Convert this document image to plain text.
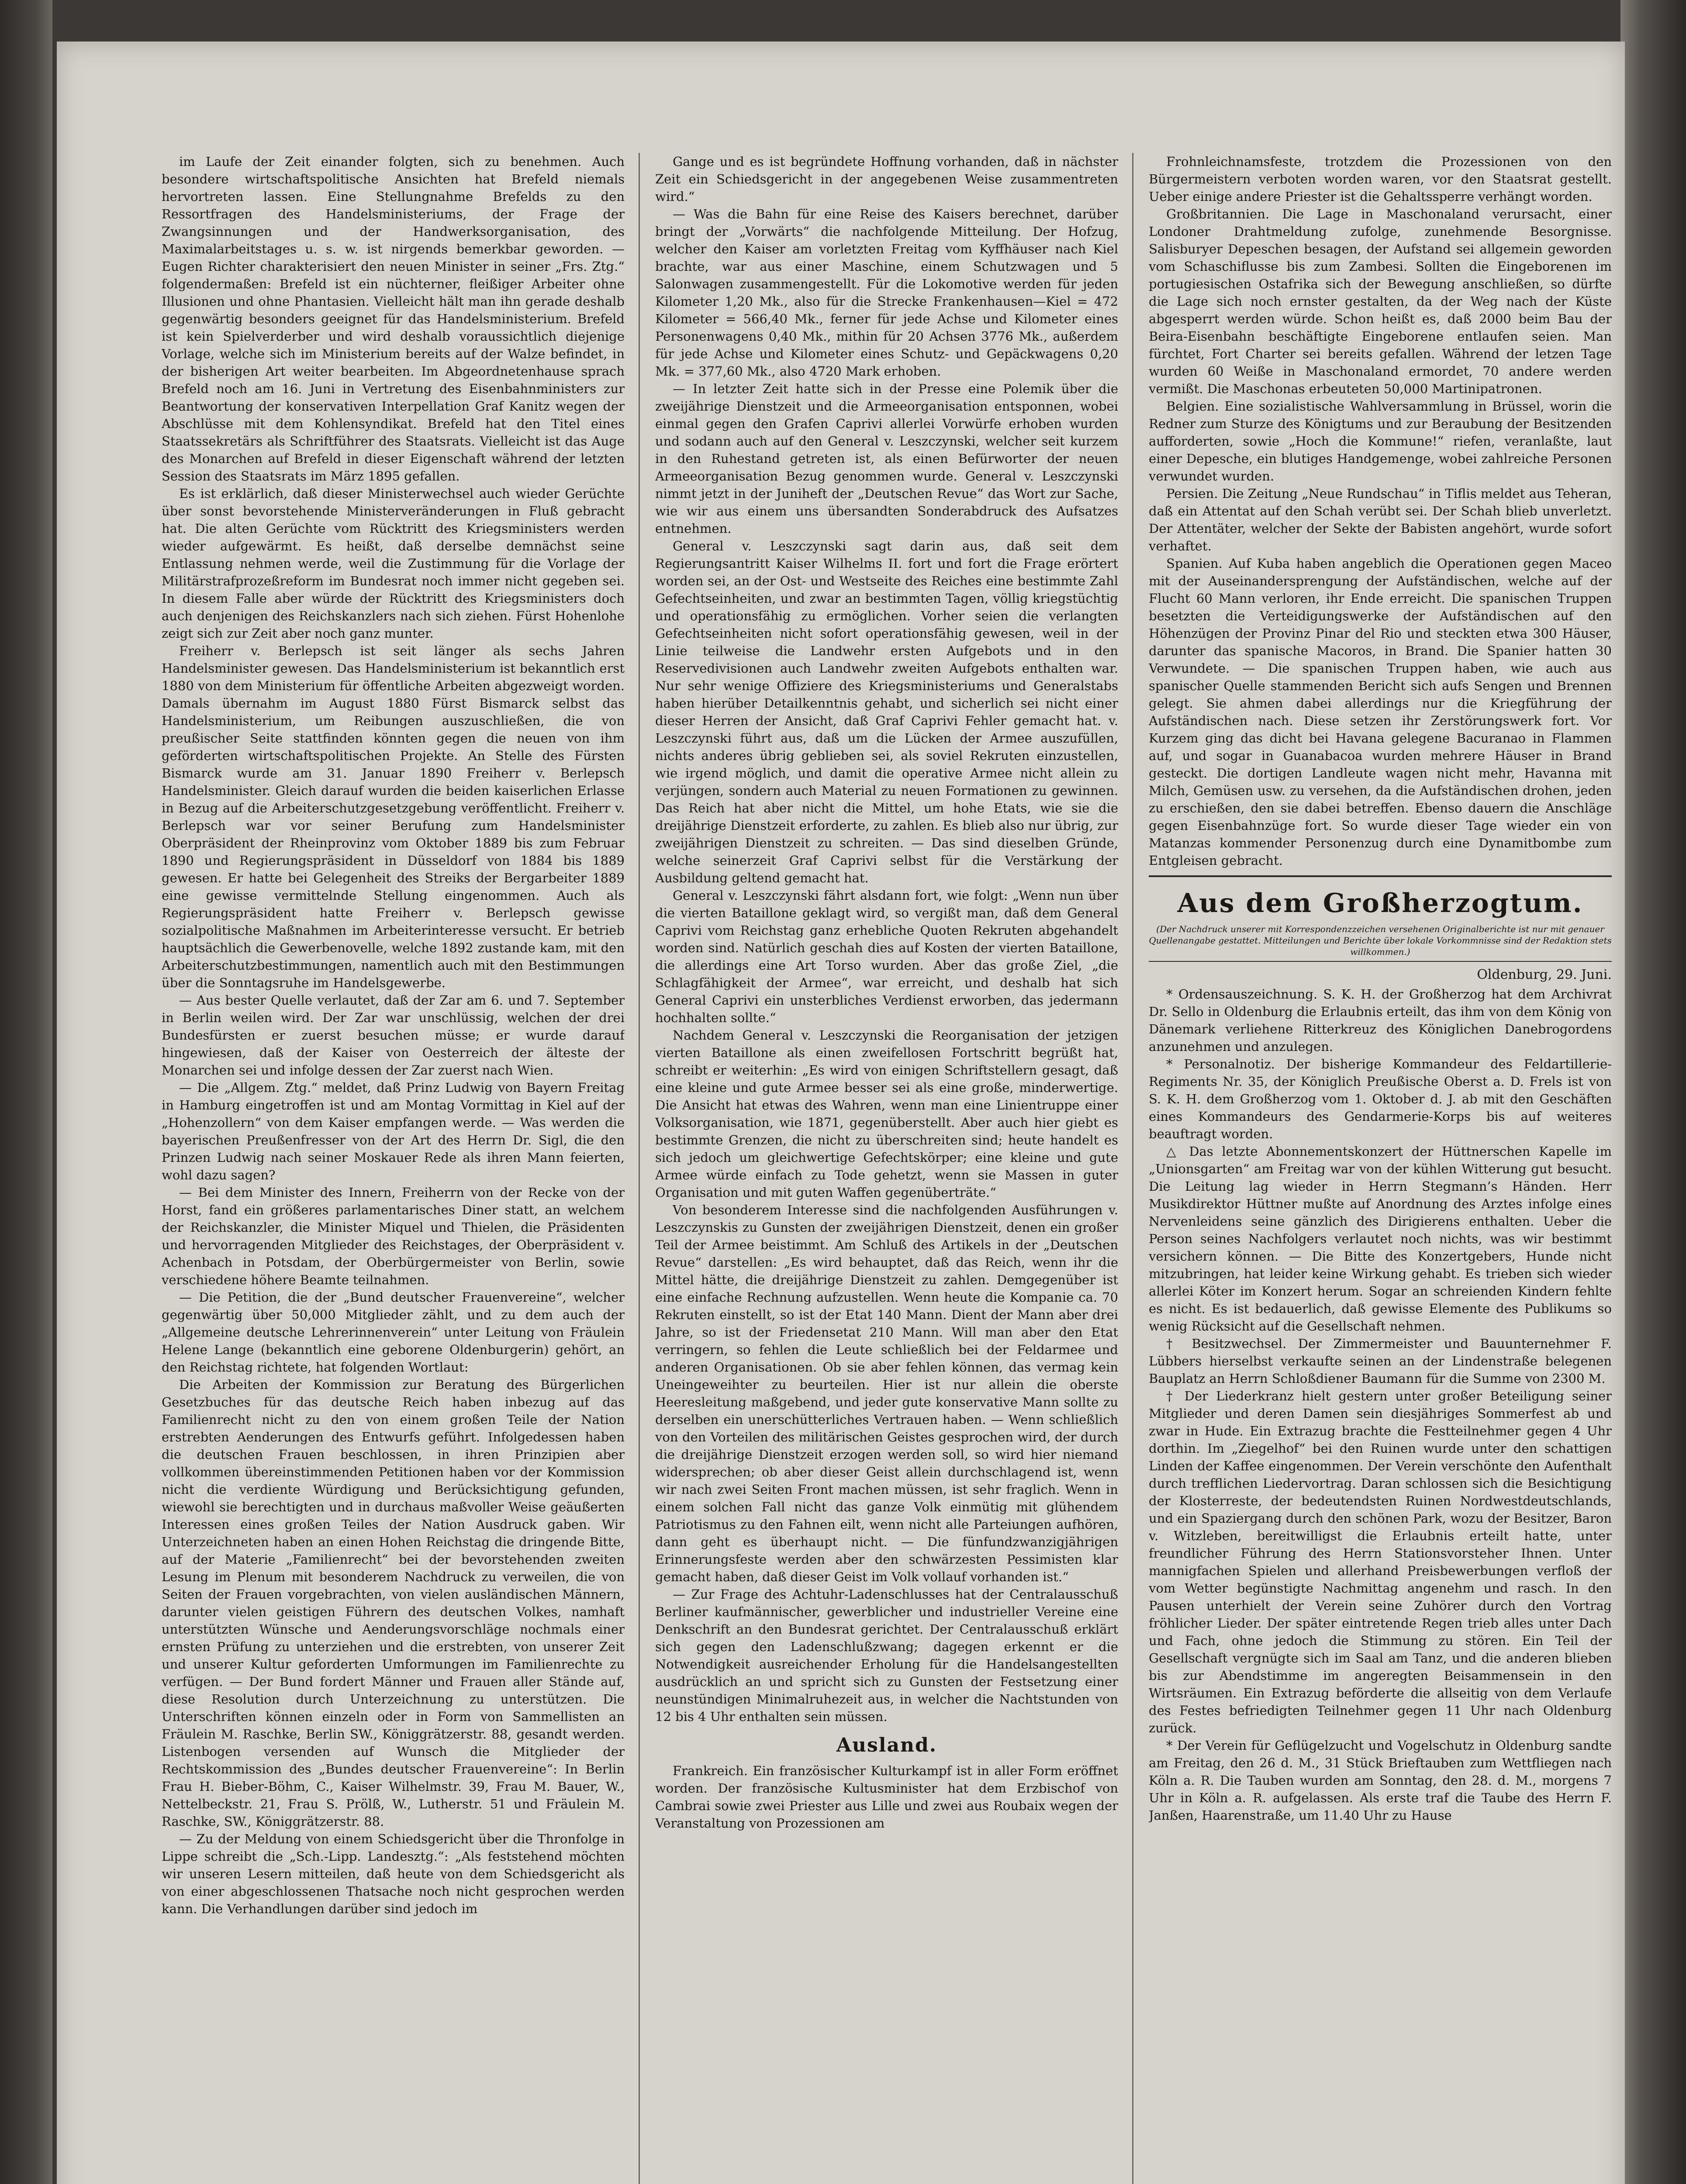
im Laufe der Zeit einander folgten, sich zu benehmen. Auch besondere wirtschaftspolitische Ansichten hat Brefeld niemals hervortreten lassen. Eine Stellungnahme Brefelds zu den Ressortfragen des Handelsministeriums, der Frage der Zwangsinnungen und der Handwerksorganisation, des Maximalarbeitstages u. s. w. ist nirgends bemerkbar geworden. — Eugen Richter charakterisiert den neuen Minister in seiner „Frs. Ztg.“ folgendermaßen: Brefeld ist ein nüchterner, fleißiger Arbeiter ohne Illusionen und ohne Phantasien. Vielleicht hält man ihn gerade deshalb gegenwärtig besonders geeignet für das Handelsministerium. Brefeld ist kein Spielverderber und wird deshalb voraussichtlich diejenige Vorlage, welche sich im Ministerium bereits auf der Walze befindet, in der bisherigen Art weiter bearbeiten. Im Abgeordnetenhause sprach Brefeld noch am 16. Juni in Vertretung des Eisenbahnministers zur Beantwortung der konservativen Interpellation Graf Kanitz wegen der Abschlüsse mit dem Kohlensyndikat. Brefeld hat den Titel eines Staatssekretärs als Schriftführer des Staatsrats. Vielleicht ist das Auge des Monarchen auf Brefeld in dieser Eigenschaft während der letzten Session des Staatsrats im März 1895 gefallen.

Es ist erklärlich, daß dieser Ministerwechsel auch wieder Gerüchte über sonst bevorstehende Ministerveränderungen in Fluß gebracht hat. Die alten Gerüchte vom Rücktritt des Kriegsministers werden wieder aufgewärmt. Es heißt, daß derselbe demnächst seine Entlassung nehmen werde, weil die Zustimmung für die Vorlage der Militärstrafprozeßreform im Bundesrat noch immer nicht gegeben sei. In diesem Falle aber würde der Rücktritt des Kriegsministers doch auch denjenigen des Reichskanzlers nach sich ziehen. Fürst Hohenlohe zeigt sich zur Zeit aber noch ganz munter.

Freiherr v. Berlepsch ist seit länger als sechs Jahren Handelsminister gewesen. Das Handelsministerium ist bekanntlich erst 1880 von dem Ministerium für öffentliche Arbeiten abgezweigt worden. Damals übernahm im August 1880 Fürst Bismarck selbst das Handelsministerium, um Reibungen auszuschließen, die von preußischer Seite stattfinden könnten gegen die neuen von ihm geförderten wirtschaftspolitischen Projekte. An Stelle des Fürsten Bismarck wurde am 31. Januar 1890 Freiherr v. Berlepsch Handelsminister. Gleich darauf wurden die beiden kaiserlichen Erlasse in Bezug auf die Arbeiterschutzgesetzgebung veröffentlicht. Freiherr v. Berlepsch war vor seiner Berufung zum Handelsminister Oberpräsident der Rheinprovinz vom Oktober 1889 bis zum Februar 1890 und Regierungspräsident in Düsseldorf von 1884 bis 1889 gewesen. Er hatte bei Gelegenheit des Streiks der Bergarbeiter 1889 eine gewisse vermittelnde Stellung eingenommen. Auch als Regierungspräsident hatte Freiherr v. Berlepsch gewisse sozialpolitische Maßnahmen im Arbeiterinteresse versucht. Er betrieb hauptsächlich die Gewerbenovelle, welche 1892 zustande kam, mit den Arbeiterschutzbestimmungen, namentlich auch mit den Bestimmungen über die Sonntagsruhe im Handelsgewerbe.

— Aus bester Quelle verlautet, daß der Zar am 6. und 7. September in Berlin weilen wird. Der Zar war unschlüssig, welchen der drei Bundesfürsten er zuerst besuchen müsse; er wurde darauf hingewiesen, daß der Kaiser von Oesterreich der älteste der Monarchen sei und infolge dessen der Zar zuerst nach Wien.

— Die „Allgem. Ztg.“ meldet, daß Prinz Ludwig von Bayern Freitag in Hamburg eingetroffen ist und am Montag Vormittag in Kiel auf der „Hohenzollern“ von dem Kaiser empfangen werde. — Was werden die bayerischen Preußenfresser von der Art des Herrn Dr. Sigl, die den Prinzen Ludwig nach seiner Moskauer Rede als ihren Mann feierten, wohl dazu sagen?

— Bei dem Minister des Innern, Freiherrn von der Recke von der Horst, fand ein größeres parlamentarisches Diner statt, an welchem der Reichskanzler, die Minister Miquel und Thielen, die Präsidenten und hervorragenden Mitglieder des Reichstages, der Oberpräsident v. Achenbach in Potsdam, der Oberbürgermeister von Berlin, sowie verschiedene höhere Beamte teilnahmen.

— Die Petition, die der „Bund deutscher Frauenvereine“, welcher gegenwärtig über 50,000 Mitglieder zählt, und zu dem auch der „Allgemeine deutsche Lehrerinnenverein“ unter Leitung von Fräulein Helene Lange (bekanntlich eine geborene Oldenburgerin) gehört, an den Reichstag richtete, hat folgenden Wortlaut:

Die Arbeiten der Kommission zur Beratung des Bürgerlichen Gesetzbuches für das deutsche Reich haben inbezug auf das Familienrecht nicht zu den von einem großen Teile der Nation erstrebten Aenderungen des Entwurfs geführt. Infolgedessen haben die deutschen Frauen beschlossen, in ihren Prinzipien aber vollkommen übereinstimmenden Petitionen haben vor der Kommission nicht die verdiente Würdigung und Berücksichtigung gefunden, wiewohl sie berechtigten und in durchaus maßvoller Weise geäußerten Interessen eines großen Teiles der Nation Ausdruck gaben. Wir Unterzeichneten haben an einen Hohen Reichstag die dringende Bitte, auf der Materie „Familienrecht“ bei der bevorstehenden zweiten Lesung im Plenum mit besonderem Nachdruck zu verweilen, die von Seiten der Frauen vorgebrachten, von vielen ausländischen Männern, darunter vielen geistigen Führern des deutschen Volkes, namhaft unterstützten Wünsche und Aenderungsvorschläge nochmals einer ernsten Prüfung zu unterziehen und die erstrebten, von unserer Zeit und unserer Kultur geforderten Umformungen im Familienrechte zu verfügen. — Der Bund fordert Männer und Frauen aller Stände auf, diese Resolution durch Unterzeichnung zu unterstützen. Die Unterschriften können einzeln oder in Form von Sammellisten an Fräulein M. Raschke, Berlin SW., Königgrätzerstr. 88, gesandt werden. Listenbogen versenden auf Wunsch die Mitglieder der Rechtskommission des „Bundes deutscher Frauenvereine“: In Berlin Frau H. Bieber-Böhm, C., Kaiser Wilhelmstr. 39, Frau M. Bauer, W., Nettelbeckstr. 21, Frau S. Prölß, W., Lutherstr. 51 und Fräulein M. Raschke, SW., Königgrätzerstr. 88.

— Zu der Meldung von einem Schiedsgericht über die Thronfolge in Lippe schreibt die „Sch.-Lipp. Landesztg.“: „Als feststehend möchten wir unseren Lesern mitteilen, daß heute von dem Schiedsgericht als von einer abgeschlossenen Thatsache noch nicht gesprochen werden kann. Die Verhandlungen darüber sind jedoch im

Gange und es ist begründete Hoffnung vorhanden, daß in nächster Zeit ein Schiedsgericht in der angegebenen Weise zusammentreten wird.“

— Was die Bahn für eine Reise des Kaisers berechnet, darüber bringt der „Vorwärts“ die nachfolgende Mitteilung. Der Hofzug, welcher den Kaiser am vorletzten Freitag vom Kyffhäuser nach Kiel brachte, war aus einer Maschine, einem Schutzwagen und 5 Salonwagen zusammengestellt. Für die Lokomotive werden für jeden Kilometer 1,20 Mk., also für die Strecke Frankenhausen—Kiel = 472 Kilometer = 566,40 Mk., ferner für jede Achse und Kilometer eines Personenwagens 0,40 Mk., mithin für 20 Achsen 3776 Mk., außerdem für jede Achse und Kilometer eines Schutz- und Gepäckwagens 0,20 Mk. = 377,60 Mk., also 4720 Mark erhoben.

— In letzter Zeit hatte sich in der Presse eine Polemik über die zweijährige Dienstzeit und die Armeeorganisation entsponnen, wobei einmal gegen den Grafen Caprivi allerlei Vorwürfe erhoben wurden und sodann auch auf den General v. Leszczynski, welcher seit kurzem in den Ruhestand getreten ist, als einen Befürworter der neuen Armeeorganisation Bezug genommen wurde. General v. Leszczynski nimmt jetzt in der Juniheft der „Deutschen Revue“ das Wort zur Sache, wie wir aus einem uns übersandten Sonderabdruck des Aufsatzes entnehmen.

General v. Leszczynski sagt darin aus, daß seit dem Regierungsantritt Kaiser Wilhelms II. fort und fort die Frage erörtert worden sei, an der Ost- und Westseite des Reiches eine bestimmte Zahl Gefechtseinheiten, und zwar an bestimmten Tagen, völlig kriegstüchtig und operationsfähig zu ermöglichen. Vorher seien die verlangten Gefechtseinheiten nicht sofort operationsfähig gewesen, weil in der Linie teilweise die Landwehr ersten Aufgebots und in den Reservedivisionen auch Landwehr zweiten Aufgebots enthalten war. Nur sehr wenige Offiziere des Kriegsministeriums und Generalstabs haben hierüber Detailkenntnis gehabt, und sicherlich sei nicht einer dieser Herren der Ansicht, daß Graf Caprivi Fehler gemacht hat. v. Leszczynski führt aus, daß um die Lücken der Armee auszufüllen, nichts anderes übrig geblieben sei, als soviel Rekruten einzustellen, wie irgend möglich, und damit die operative Armee nicht allein zu verjüngen, sondern auch Material zu neuen Formationen zu gewinnen. Das Reich hat aber nicht die Mittel, um hohe Etats, wie sie die dreijährige Dienstzeit erforderte, zu zahlen. Es blieb also nur übrig, zur zweijährigen Dienstzeit zu schreiten. — Das sind dieselben Gründe, welche seinerzeit Graf Caprivi selbst für die Verstärkung der Ausbildung geltend gemacht hat.

General v. Leszczynski fährt alsdann fort, wie folgt: „Wenn nun über die vierten Bataillone geklagt wird, so vergißt man, daß dem General Caprivi vom Reichstag ganz erhebliche Quoten Rekruten abgehandelt worden sind. Natürlich geschah dies auf Kosten der vierten Bataillone, die allerdings eine Art Torso wurden. Aber das große Ziel, „die Schlagfähigkeit der Armee“, war erreicht, und deshalb hat sich General Caprivi ein unsterbliches Verdienst erworben, das jedermann hochhalten sollte.“

Nachdem General v. Leszczynski die Reorganisation der jetzigen vierten Bataillone als einen zweifellosen Fortschritt begrüßt hat, schreibt er weiterhin: „Es wird von einigen Schriftstellern gesagt, daß eine kleine und gute Armee besser sei als eine große, minderwertige. Die Ansicht hat etwas des Wahren, wenn man eine Linientruppe einer Volksorganisation, wie 1871, gegenüberstellt. Aber auch hier giebt es bestimmte Grenzen, die nicht zu überschreiten sind; heute handelt es sich jedoch um gleichwertige Gefechtskörper; eine kleine und gute Armee würde einfach zu Tode gehetzt, wenn sie Massen in guter Organisation und mit guten Waffen gegenüberträte.“

Von besonderem Interesse sind die nachfolgenden Ausführungen v. Leszczynskis zu Gunsten der zweijährigen Dienstzeit, denen ein großer Teil der Armee beistimmt. Am Schluß des Artikels in der „Deutschen Revue“ darstellen: „Es wird behauptet, daß das Reich, wenn ihr die Mittel hätte, die dreijährige Dienstzeit zu zahlen. Demgegenüber ist eine einfache Rechnung aufzustellen. Wenn heute die Kompanie ca. 70 Rekruten einstellt, so ist der Etat 140 Mann. Dient der Mann aber drei Jahre, so ist der Friedensetat 210 Mann. Will man aber den Etat verringern, so fehlen die Leute schließlich bei der Feldarmee und anderen Organisationen. Ob sie aber fehlen können, das vermag kein Uneingeweihter zu beurteilen. Hier ist nur allein die oberste Heeresleitung maßgebend, und jeder gute konservative Mann sollte zu derselben ein unerschütterliches Vertrauen haben. — Wenn schließlich von den Vorteilen des militärischen Geistes gesprochen wird, der durch die dreijährige Dienstzeit erzogen werden soll, so wird hier niemand widersprechen; ob aber dieser Geist allein durchschlagend ist, wenn wir nach zwei Seiten Front machen müssen, ist sehr fraglich. Wenn in einem solchen Fall nicht das ganze Volk einmütig mit glühendem Patriotismus zu den Fahnen eilt, wenn nicht alle Parteiungen aufhören, dann geht es überhaupt nicht. — Die fünfundzwanzigjährigen Erinnerungsfeste werden aber den schwärzesten Pessimisten klar gemacht haben, daß dieser Geist im Volk vollauf vorhanden ist.“

— Zur Frage des Achtuhr-Ladenschlusses hat der Centralausschuß Berliner kaufmännischer, gewerblicher und industrieller Vereine eine Denkschrift an den Bundesrat gerichtet. Der Centralausschuß erklärt sich gegen den Ladenschlußzwang; dagegen erkennt er die Notwendigkeit ausreichender Erholung für die Handelsangestellten ausdrücklich an und spricht sich zu Gunsten der Festsetzung einer neunstündigen Minimalruhezeit aus, in welcher die Nachtstunden von 12 bis 4 Uhr enthalten sein müssen.

Ausland.

Frankreich. Ein französischer Kulturkampf ist in aller Form eröffnet worden. Der französische Kultusminister hat dem Erzbischof von Cambrai sowie zwei Priester aus Lille und zwei aus Roubaix wegen der Veranstaltung von Prozessionen am

Frohnleichnamsfeste, trotzdem die Prozessionen von den Bürgermeistern verboten worden waren, vor den Staatsrat gestellt. Ueber einige andere Priester ist die Gehaltssperre verhängt worden.

Großbritannien. Die Lage in Maschonaland verursacht, einer Londoner Drahtmeldung zufolge, zunehmende Besorgnisse. Salisburyer Depeschen besagen, der Aufstand sei allgemein geworden vom Schaschiflusse bis zum Zambesi. Sollten die Eingeborenen im portugiesischen Ostafrika sich der Bewegung anschließen, so dürfte die Lage sich noch ernster gestalten, da der Weg nach der Küste abgesperrt werden würde. Schon heißt es, daß 2000 beim Bau der Beira-Eisenbahn beschäftigte Eingeborene entlaufen seien. Man fürchtet, Fort Charter sei bereits gefallen. Während der letzen Tage wurden 60 Weiße in Maschonaland ermordet, 70 andere werden vermißt. Die Maschonas erbeuteten 50,000 Martinipatronen.

Belgien. Eine sozialistische Wahlversammlung in Brüssel, worin die Redner zum Sturze des Königtums und zur Beraubung der Besitzenden aufforderten, sowie „Hoch die Kommune!“ riefen, veranlaßte, laut einer Depesche, ein blutiges Handgemenge, wobei zahlreiche Personen verwundet wurden.

Persien. Die Zeitung „Neue Rundschau“ in Tiflis meldet aus Teheran, daß ein Attentat auf den Schah verübt sei. Der Schah blieb unverletzt. Der Attentäter, welcher der Sekte der Babisten angehört, wurde sofort verhaftet.

Spanien. Auf Kuba haben angeblich die Operationen gegen Maceo mit der Auseinandersprengung der Aufständischen, welche auf der Flucht 60 Mann verloren, ihr Ende erreicht. Die spanischen Truppen besetzten die Verteidigungswerke der Aufständischen auf den Höhenzügen der Provinz Pinar del Rio und steckten etwa 300 Häuser, darunter das spanische Macoros, in Brand. Die Spanier hatten 30 Verwundete. — Die spanischen Truppen haben, wie auch aus spanischer Quelle stammenden Bericht sich aufs Sengen und Brennen gelegt. Sie ahmen dabei allerdings nur die Kriegführung der Aufständischen nach. Diese setzen ihr Zerstörungswerk fort. Vor Kurzem ging das dicht bei Havana gelegene Bacuranao in Flammen auf, und sogar in Guanabacoa wurden mehrere Häuser in Brand gesteckt. Die dortigen Landleute wagen nicht mehr, Havanna mit Milch, Gemüsen usw. zu versehen, da die Aufständischen drohen, jeden zu erschießen, den sie dabei betreffen. Ebenso dauern die Anschläge gegen Eisenbahnzüge fort. So wurde dieser Tage wieder ein von Matanzas kommender Personenzug durch eine Dynamitbombe zum Entgleisen gebracht.

Aus dem Großherzogtum.
(Der Nachdruck unserer mit Korrespondenzzeichen versehenen Originalberichte ist nur mit genauer Quellenangabe gestattet. Mitteilungen und Berichte über lokale Vorkommnisse sind der Redaktion stets willkommen.)
Oldenburg, 29. Juni.

* Ordensauszeichnung. S. K. H. der Großherzog hat dem Archivrat Dr. Sello in Oldenburg die Erlaubnis erteilt, das ihm von dem König von Dänemark verliehene Ritterkreuz des Königlichen Danebrogordens anzunehmen und anzulegen.

* Personalnotiz. Der bisherige Kommandeur des Feldartillerie-Regiments Nr. 35, der Königlich Preußische Oberst a. D. Frels ist von S. K. H. dem Großherzog vom 1. Oktober d. J. ab mit den Geschäften eines Kommandeurs des Gendarmerie-Korps bis auf weiteres beauftragt worden.

△ Das letzte Abonnementskonzert der Hüttnerschen Kapelle im „Unionsgarten“ am Freitag war von der kühlen Witterung gut besucht. Die Leitung lag wieder in Herrn Stegmann’s Händen. Herr Musikdirektor Hüttner mußte auf Anordnung des Arztes infolge eines Nervenleidens seine gänzlich des Dirigierens enthalten. Ueber die Person seines Nachfolgers verlautet noch nichts, was wir bestimmt versichern können. — Die Bitte des Konzertgebers, Hunde nicht mitzubringen, hat leider keine Wirkung gehabt. Es trieben sich wieder allerlei Köter im Konzert herum. Sogar an schreienden Kindern fehlte es nicht. Es ist bedauerlich, daß gewisse Elemente des Publikums so wenig Rücksicht auf die Gesellschaft nehmen.

† Besitzwechsel. Der Zimmermeister und Bauunternehmer F. Lübbers hierselbst verkaufte seinen an der Lindenstraße belegenen Bauplatz an Herrn Schloßdiener Baumann für die Summe von 2300 M.

† Der Liederkranz hielt gestern unter großer Beteiligung seiner Mitglieder und deren Damen sein diesjähriges Sommerfest ab und zwar in Hude. Ein Extrazug brachte die Festteilnehmer gegen 4 Uhr dorthin. Im „Ziegelhof“ bei den Ruinen wurde unter den schattigen Linden der Kaffee eingenommen. Der Verein verschönte den Aufenthalt durch trefflichen Liedervortrag. Daran schlossen sich die Besichtigung der Klosterreste, der bedeutendsten Ruinen Nordwestdeutschlands, und ein Spaziergang durch den schönen Park, wozu der Besitzer, Baron v. Witzleben, bereitwilligst die Erlaubnis erteilt hatte, unter freundlicher Führung des Herrn Stationsvorsteher Ihnen. Unter mannigfachen Spielen und allerhand Preisbewerbungen verfloß der vom Wetter begünstigte Nachmittag angenehm und rasch. In den Pausen unterhielt der Verein seine Zuhörer durch den Vortrag fröhlicher Lieder. Der später eintretende Regen trieb alles unter Dach und Fach, ohne jedoch die Stimmung zu stören. Ein Teil der Gesellschaft vergnügte sich im Saal am Tanz, und die anderen blieben bis zur Abendstimme im angeregten Beisammensein in den Wirtsräumen. Ein Extrazug beförderte die allseitig von dem Verlaufe des Festes befriedigten Teilnehmer gegen 11 Uhr nach Oldenburg zurück.

* Der Verein für Geflügelzucht und Vogelschutz in Oldenburg sandte am Freitag, den 26 d. M., 31 Stück Brieftauben zum Wettfliegen nach Köln a. R. Die Tauben wurden am Sonntag, den 28. d. M., morgens 7 Uhr in Köln a. R. aufgelassen. Als erste traf die Taube des Herrn F. Janßen, Haarenstraße, um 11.40 Uhr zu Hause
